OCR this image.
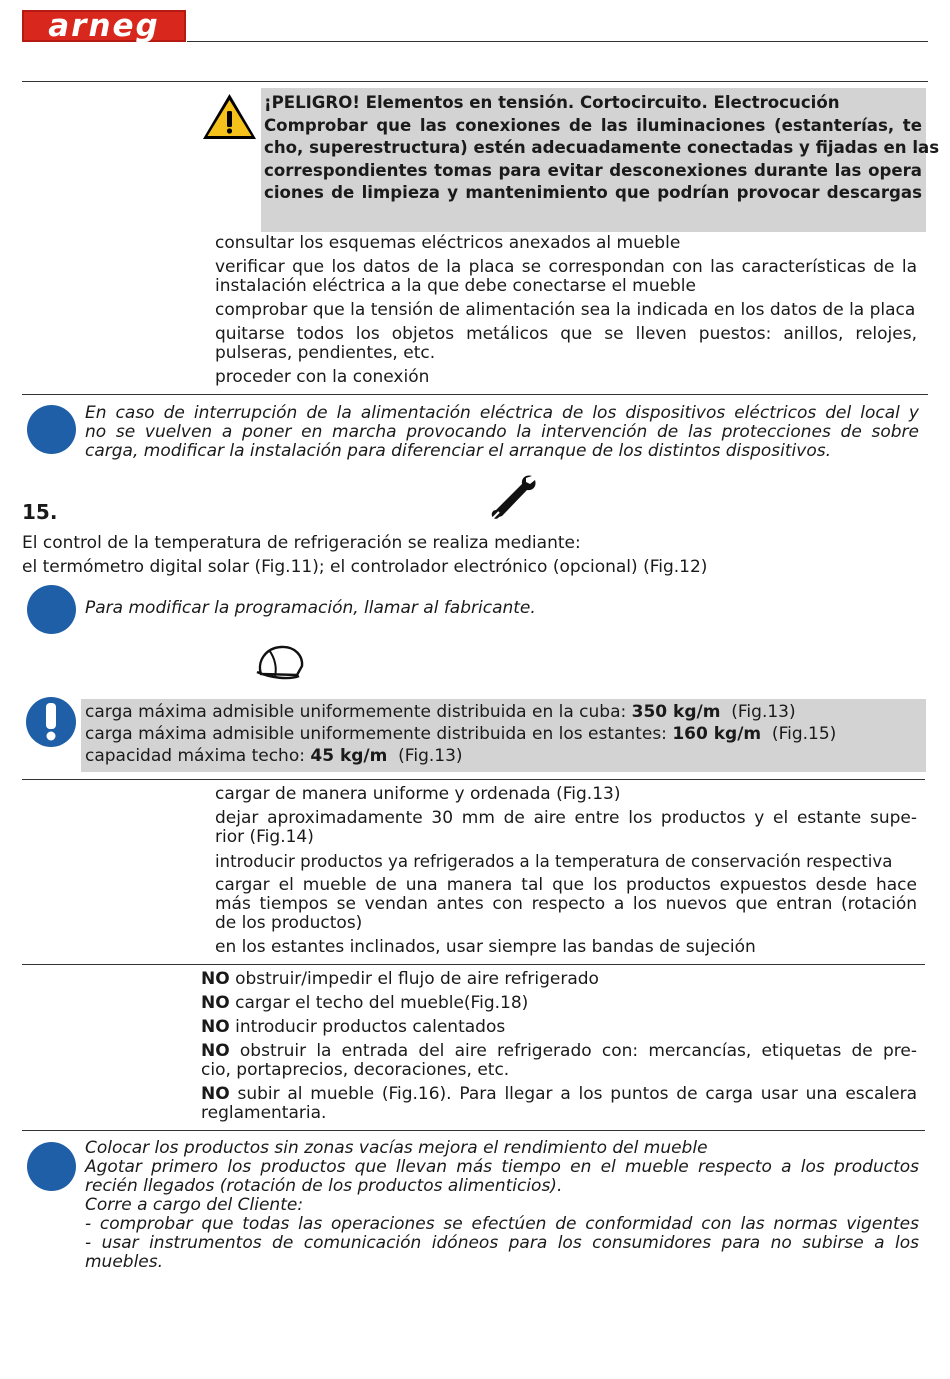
arneg
¡PELIGRO! Elementos en tensión. Cortocircuito. Electrocución
Comprobar que las conexiones de las iluminaciones (estanterías, te
cho, superestructura) estén adecuadamente conectadas y fijadas en las
correspondientes tomas para evitar desconexiones durante las opera
ciones de limpieza y mantenimiento que podrían provocar descargas
consultar los esquemas eléctricos anexados al mueble
verificar que los datos de la placa se correspondan con las características de la
instalación eléctrica a la que debe conectarse el mueble
comprobar que la tensión de alimentación sea la indicada en los datos de la placa
quitarse todos los objetos metálicos que se lleven puestos: anillos, relojes,
pulseras, pendientes, etc.
proceder con la conexión
En caso de interrupción de la alimentación eléctrica de los dispositivos eléctricos del local y
no se vuelven a poner en marcha provocando la intervención de las protecciones de sobre
carga, modificar la instalación para diferenciar el arranque de los distintos dispositivos.
15.
El control de la temperatura de refrigeración se realiza mediante:
el termómetro digital solar (Fig.11); el controlador electrónico (opcional) (Fig.12)
Para modificar la programación, llamar al fabricante.
carga máxima admisible uniformemente distribuida en la cuba: 350 kg/m  (Fig.13)
carga máxima admisible uniformemente distribuida en los estantes: 160 kg/m  (Fig.15)
capacidad máxima techo: 45 kg/m  (Fig.13)
cargar de manera uniforme y ordenada (Fig.13)
dejar aproximadamente 30 mm de aire entre los productos y el estante supe-
rior (Fig.14)
introducir productos ya refrigerados a la temperatura de conservación respectiva
cargar el mueble de una manera tal que los productos expuestos desde hace
más tiempos se vendan antes con respecto a los nuevos que entran (rotación
de los productos)
en los estantes inclinados, usar siempre las bandas de sujeción
NO obstruir/impedir el flujo de aire refrigerado
NO cargar el techo del mueble(Fig.18)
NO introducir productos calentados
NO obstruir la entrada del aire refrigerado con: mercancías, etiquetas de pre-
cio, portaprecios, decoraciones, etc.
NO subir al mueble (Fig.16). Para llegar a los puntos de carga usar una escalera
reglamentaria.
Colocar los productos sin zonas vacías mejora el rendimiento del mueble
Agotar primero los productos que llevan más tiempo en el mueble respecto a los productos
recién llegados (rotación de los productos alimenticios).
Corre a cargo del Cliente:
- comprobar que todas las operaciones se efectúen de conformidad con las normas vigentes
- usar instrumentos de comunicación idóneos para los consumidores para no subirse a los
muebles.
